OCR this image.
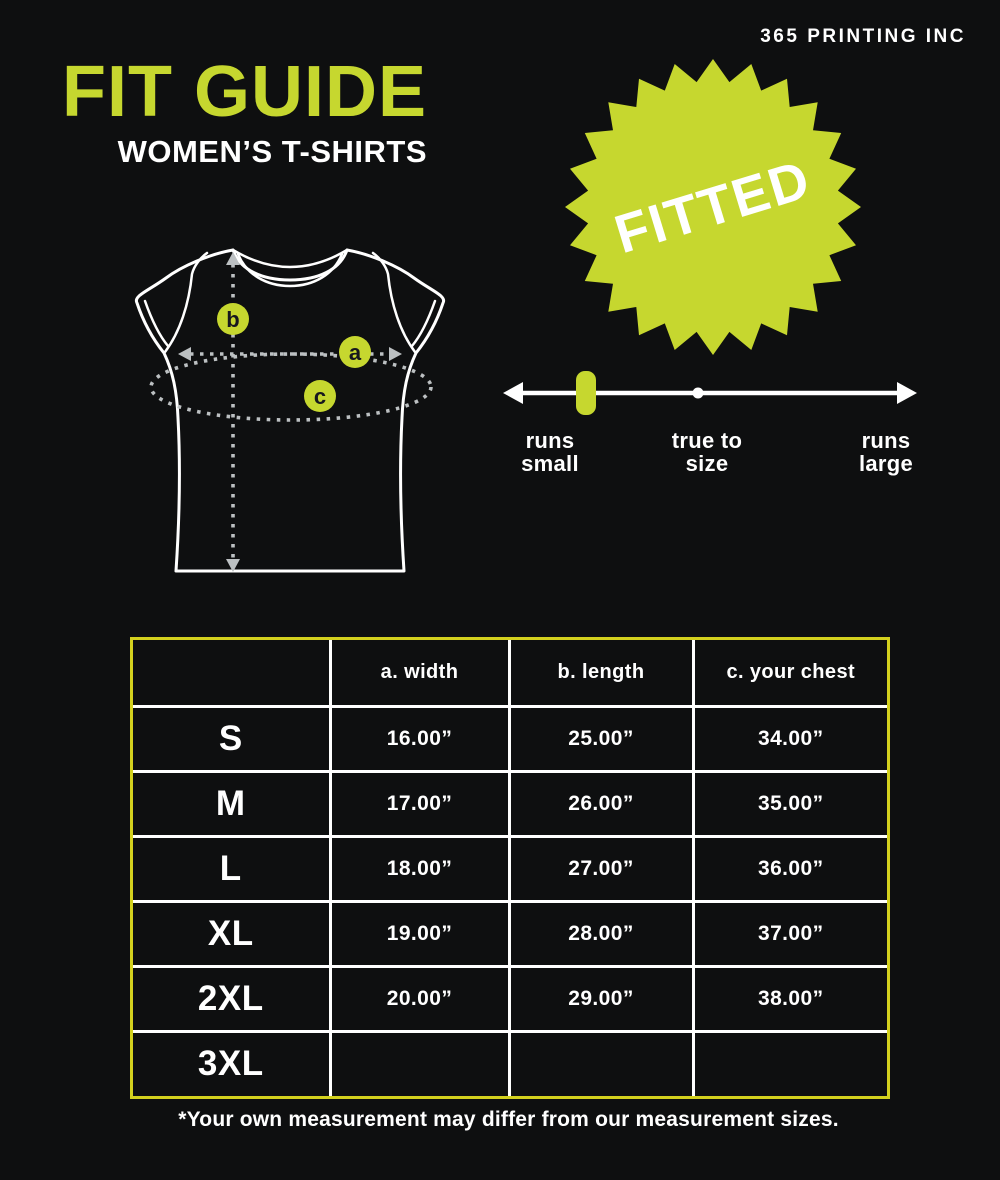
365 PRINTING INC
FIT GUIDE
WOMEN’S T-SHIRTS	FITTED
b
a
c
runs
small
true to
size
runs
large
	a. width	b. length	c. your chest
S	16.00”	25.00”	34.00”
M	17.00”	26.00”	35.00”
L	18.00”	27.00”	36.00”
XL	19.00”	28.00”	37.00”
2XL	20.00”	29.00”	38.00”
3XL			
*Your own measurement may differ from our measurement sizes.
